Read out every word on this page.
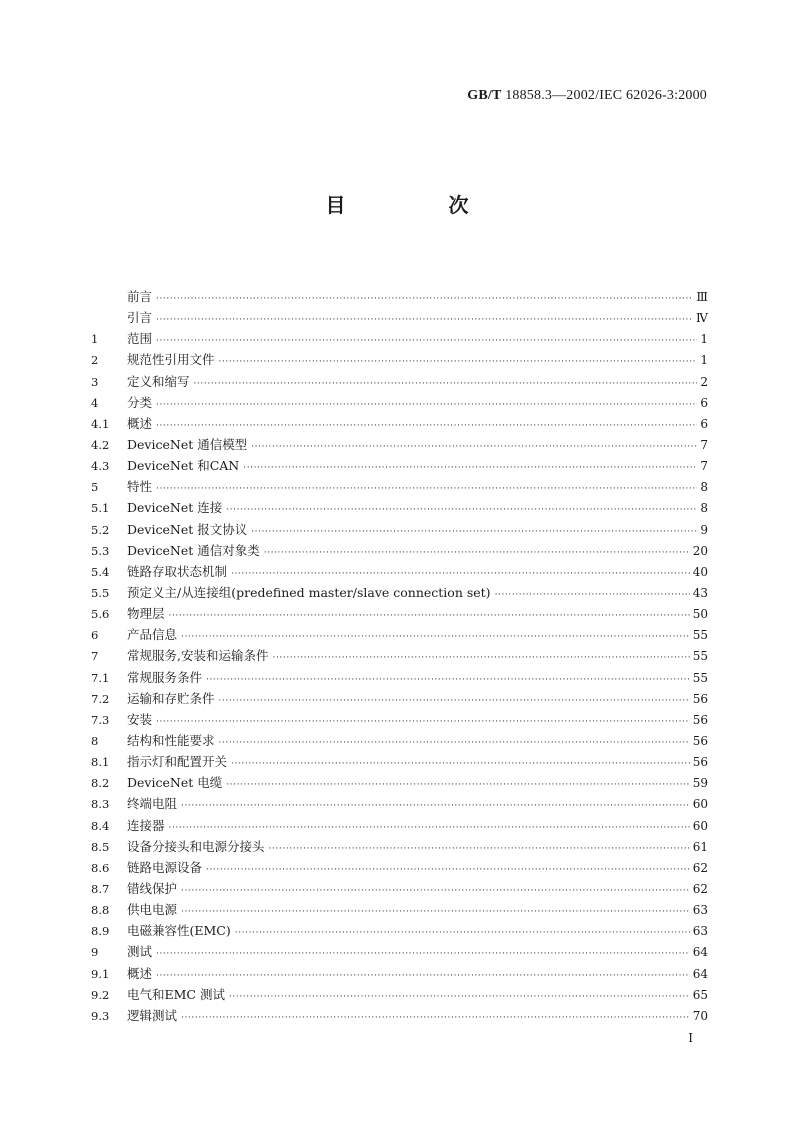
GB/T 18858.3—2002/IEC 62026-3:2000
目 次
前言 ·····	Ⅲ
引言 ·····	Ⅳ
1	范围 ·····	1
2	规范性引用文件 ·····	1
3	定义和缩写 ·····	2
4	分类 ·····	6
4.1	概述 ·····	6
4.2	DeviceNet 通信模型 ·····	7
4.3	DeviceNet 和CAN ·····	7
5	特性 ·····	8
5.1	DeviceNet 连接 ·····	8
5.2	DeviceNet 报文协议 ·····	9
5.3	DeviceNet 通信对象类 ·····	20
5.4	链路存取状态机制 ·····	40
5.5	预定义主/从连接组(predefined master/slave connection set) ·····	43
5.6	物理层 ·····	50
6	产品信息 ·····	55
7	常规服务,安装和运输条件 ·····	55
7.1	常规服务条件 ·····	55
7.2	运输和存贮条件 ·····	56
7.3	安装 ·····	56
8	结构和性能要求 ·····	56
8.1	指示灯和配置开关 ·····	56
8.2	DeviceNet 电缆 ·····	59
8.3	终端电阻 ·····	60
8.4	连接器 ·····	60
8.5	设备分接头和电源分接头 ·····	61
8.6	链路电源设备 ·····	62
8.7	错线保护 ·····	62
8.8	供电电源 ·····	63
8.9	电磁兼容性(EMC) ·····	63
9	测试 ·····	64
9.1	概述 ·····	64
9.2	电气和EMC 测试 ·····	65
9.3	逻辑测试 ·····	70
I
